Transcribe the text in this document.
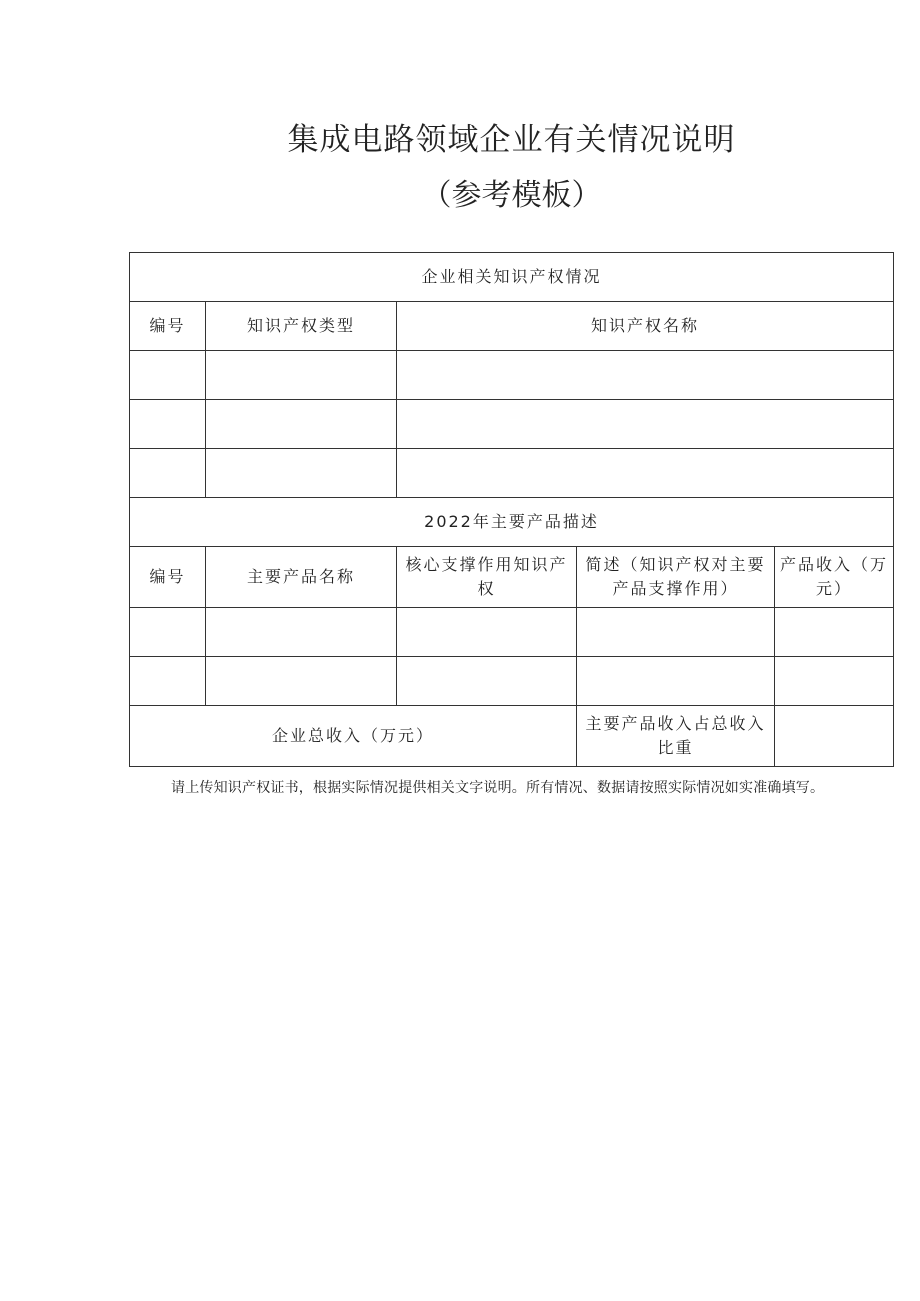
集成电路领域企业有关情况说明
（参考模板）
企业相关知识产权情况				
编号	知识产权类型	知识产权名称		

2022年主要产品描述				
编号	主要产品名称	核心支撑作用知识产权	简述（知识产权对主要产品支撑作用）	产品收入（万元）

企业总收入（万元）			主要产品收入占总收入比重	
请上传知识产权证书，根据实际情况提供相关文字说明。所有情况、数据请按照实际情况如实准确填写。
